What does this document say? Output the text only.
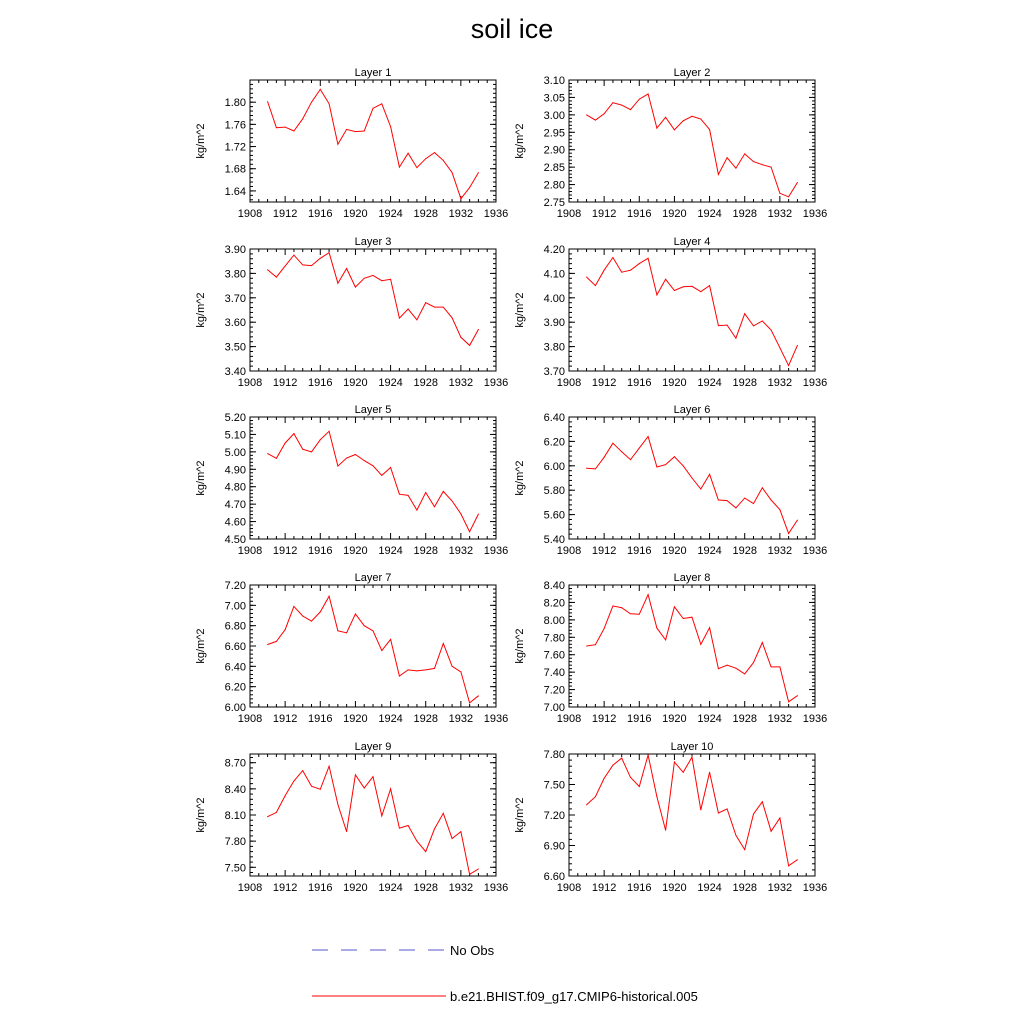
soil ice
Layer 1
kg/m^2
1908 1912 1916 1920 1924 1928 1932 1936
1.64
1.68
1.72
1.76
1.80
Layer 2
kg/m^2
1908 1912 1916 1920 1924 1928 1932 1936
2.75
2.80
2.85
2.90
2.95
3.00
3.05
3.10
Layer 3
kg/m^2
1908 1912 1916 1920 1924 1928 1932 1936
3.40
3.50
3.60
3.70
3.80
3.90
Layer 4
kg/m^2
1908 1912 1916 1920 1924 1928 1932 1936
3.70
3.80
3.90
4.00
4.10
4.20
Layer 5
kg/m^2
1908 1912 1916 1920 1924 1928 1932 1936
4.50
4.60
4.70
4.80
4.90
5.00
5.10
5.20
Layer 6
kg/m^2
1908 1912 1916 1920 1924 1928 1932 1936
5.40
5.60
5.80
6.00
6.20
6.40
Layer 7
kg/m^2
1908 1912 1916 1920 1924 1928 1932 1936
6.00
6.20
6.40
6.60
6.80
7.00
7.20
Layer 8
kg/m^2
1908 1912 1916 1920 1924 1928 1932 1936
7.00
7.20
7.40
7.60
7.80
8.00
8.20
8.40
Layer 9
kg/m^2
1908 1912 1916 1920 1924 1928 1932 1936
7.50
7.80
8.10
8.40
8.70
Layer 10
kg/m^2
1908 1912 1916 1920 1924 1928 1932 1936
6.60
6.90
7.20
7.50
7.80
No Obs
b.e21.BHIST.f09_g17.CMIP6-historical.005
